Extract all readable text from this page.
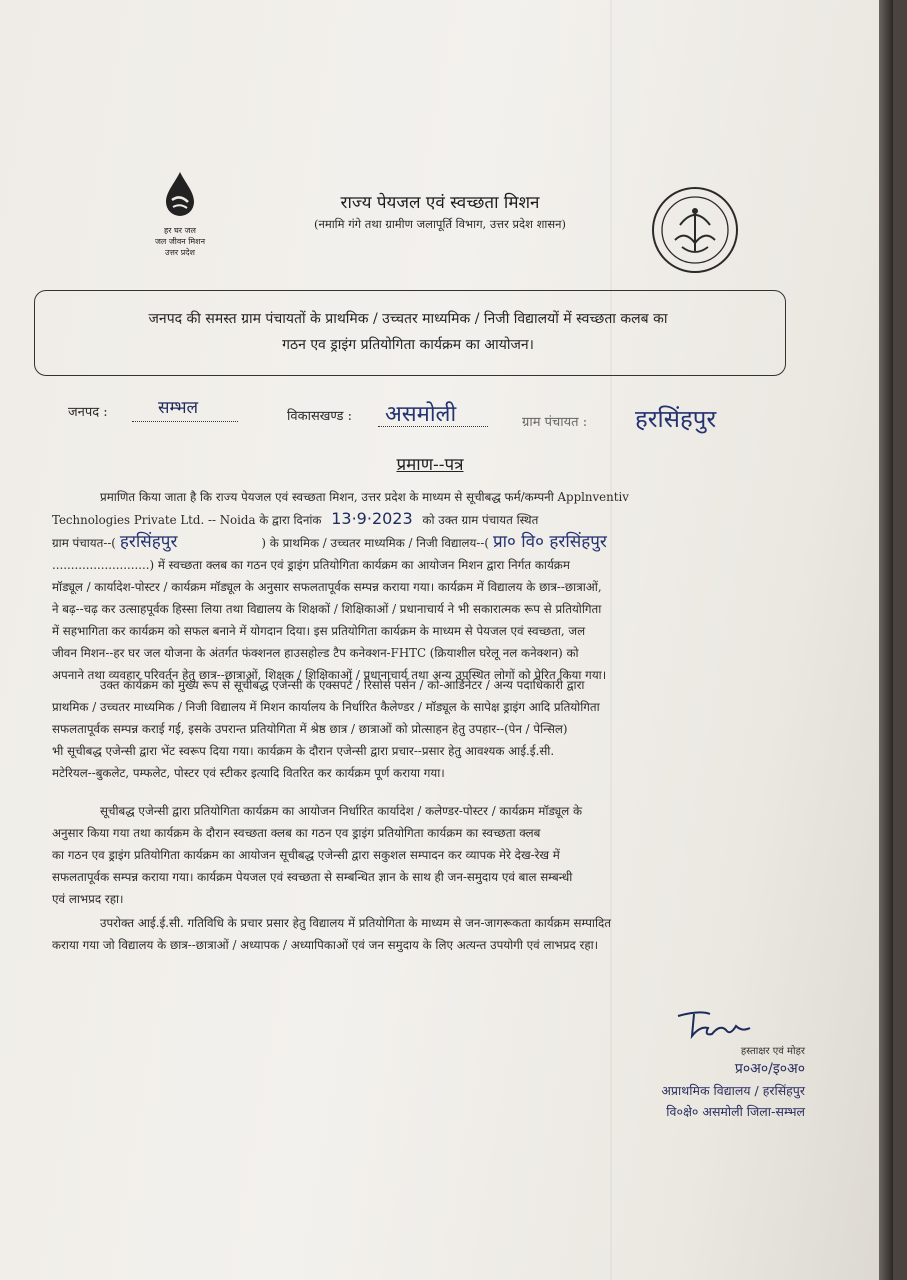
हर घर जल
जल जीवन मिशन
उत्तर प्रदेश
राज्य पेयजल एवं स्वच्छता मिशन
(नमामि गंगे तथा ग्रामीण जलापूर्ति विभाग, उत्तर प्रदेश शासन)
जनपद की समस्त ग्राम पंचायतों के प्राथमिक / उच्चतर माध्यमिक / निजी विद्यालयों में स्वच्छता कलब का
गठन एव ड्राइंग प्रतियोगिता कार्यक्रम का आयोजन।
जनपद :	सम्भल	विकासखण्ड : असमोली	ग्राम पंचायत : हरसिंहपुर
प्रमाण--पत्र
प्रमाणित किया जाता है कि राज्य पेयजल एवं स्वच्छता मिशन, उत्तर प्रदेश के माध्यम से सूचीबद्ध फर्म/कम्पनी Applnventiv
Technologies Private Ltd. -- Noida के द्वारा दिनांक 13·9·2023 को उक्त ग्राम पंचायत स्थित
ग्राम पंचायत--( हरसिंहपुर	) के प्राथमिक / उच्चतर माध्यमिक / निजी विद्यालय--( प्रा० वि० हरसिंहपुर
..........................) में स्वच्छता क्लब का गठन एवं ड्राइंग प्रतियोगिता कार्यक्रम का आयोजन मिशन द्वारा निर्गत कार्यक्रम
मॉड्यूल / कार्यादेश-पोस्टर / कार्यक्रम मॉड्यूल के अनुसार सफलतापूर्वक सम्पन्न कराया गया। कार्यक्रम में विद्यालय के छात्र--छात्राओं,
ने बढ़--चढ़ कर उत्साहपूर्वक हिस्सा लिया तथा विद्यालय के शिक्षकों / शिक्षिकाओं / प्रधानाचार्य ने भी सकारात्मक रूप से प्रतियोगिता
में सहभागिता कर कार्यक्रम को सफल बनाने में योगदान दिया। इस प्रतियोगिता कार्यक्रम के माध्यम से पेयजल एवं स्वच्छता, जल
जीवन मिशन--हर घर जल योजना के अंतर्गत फंक्शनल हाउसहोल्ड टैप कनेक्शन-FHTC (क्रियाशील घरेलू नल कनेक्शन) को
अपनाने तथा व्यवहार परिवर्तन हेतु छात्र--छात्राओं, शिक्षक / शिक्षिकाओं / प्रधानाचार्य तथा अन्य उपस्थित लोगों को प्रेरित किया गया।
उक्त कार्यक्रम को मुख्य रूप से सूचीबद्ध एजेन्सी के एक्सपर्ट / रिसोर्स पर्सन / को-आर्डिनेटर / अन्य पदाधिकारी द्वारा
प्राथमिक / उच्चतर माध्यमिक / निजी विद्यालय में मिशन कार्यालय के निर्धारित कैलेण्डर / मॉड्यूल के सापेक्ष ड्राइंग आदि प्रतियोगिता
सफलतापूर्वक सम्पन्न कराई गई, इसके उपरान्त प्रतियोगिता में श्रेष्ठ छात्र / छात्राओं को प्रोत्साहन हेतु उपहार--(पेन / पेन्सिल)
भी सूचीबद्ध एजेन्सी द्वारा भेंट स्वरूप दिया गया। कार्यक्रम के दौरान एजेन्सी द्वारा प्रचार--प्रसार हेतु आवश्यक आई.ई.सी.
मटेरियल--बुकलेट, पम्फलेट, पोस्टर एवं स्टीकर इत्यादि वितरित कर कार्यक्रम पूर्ण कराया गया।
सूचीबद्ध एजेन्सी द्वारा प्रतियोगिता कार्यक्रम का आयोजन निर्धारित कार्यादेश / कलेण्डर-पोस्टर / कार्यक्रम मॉड्यूल के
अनुसार किया गया तथा कार्यक्रम के दौरान स्वच्छता क्लब का गठन एव ड्राइंग प्रतियोगिता कार्यक्रम का स्वच्छता क्लब
का गठन एव ड्राइंग प्रतियोगिता कार्यक्रम का आयोजन सूचीबद्ध एजेन्सी द्वारा सकुशल सम्पादन कर व्यापक मेरे देख-रेख में
सफलतापूर्वक सम्पन्न कराया गया। कार्यक्रम पेयजल एवं स्वच्छता से सम्बन्धित ज्ञान के साथ ही जन-समुदाय एवं बाल सम्बन्धी
एवं लाभप्रद रहा।
उपरोक्त आई.ई.सी. गतिविधि के प्रचार प्रसार हेतु विद्यालय में प्रतियोगिता के माध्यम से जन-जागरूकता कार्यक्रम सम्पादित
कराया गया जो विद्यालय के छात्र--छात्राओं / अध्यापक / अध्यापिकाओं एवं जन समुदाय के लिए अत्यन्त उपयोगी एवं लाभप्रद रहा।
हस्ताक्षर एवं मोहर
प्र०अ०/इ०अ०
अप्राथमिक विद्यालय / हरसिंहपुर
वि०क्षे० असमोली जिला-सम्भल
